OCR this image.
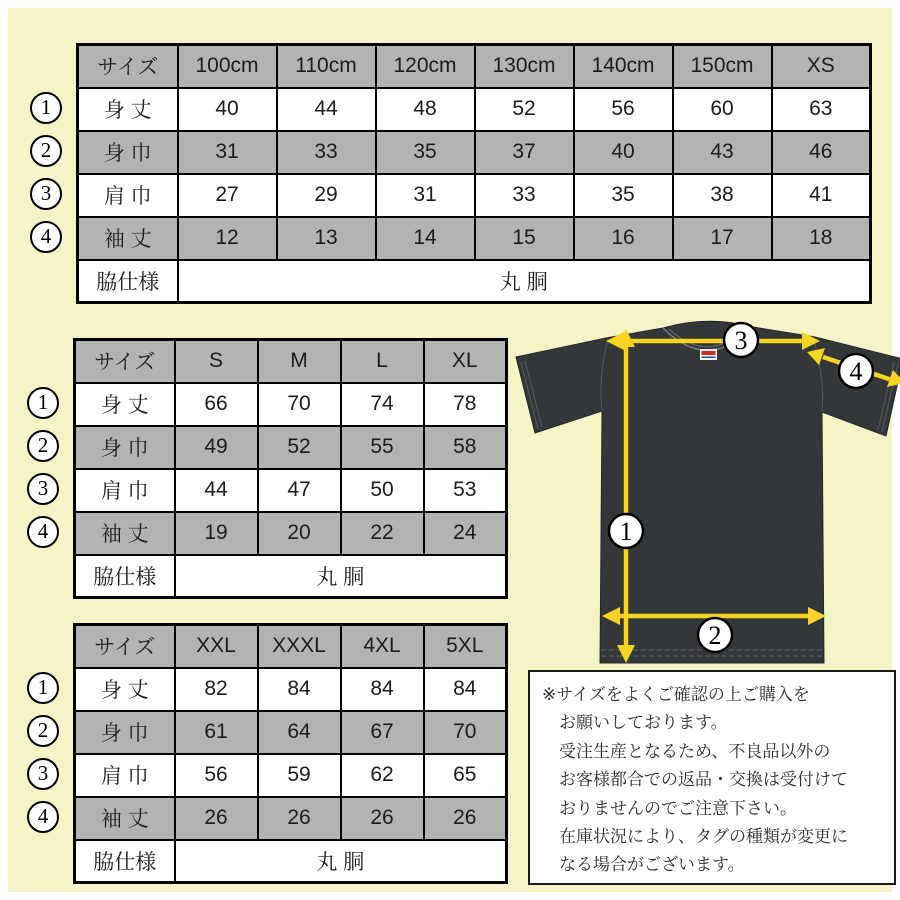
1
2
3
4
サイズ	100cm	110cm	120cm	130cm	140cm	150cm	XS
身 丈	40	44	48	52	56	60	63
身 巾	31	33	35	37	40	43	46
肩 巾	27	29	31	33	35	38	41
袖 丈	12	13	14	15	16	17	18
脇仕様	丸 胴						
1
2
3
4
サイズ	S	M	L	XL
身 丈	66	70	74	78
身 巾	49	52	55	58
肩 巾	44	47	50	53
袖 丈	19	20	22	24
脇仕様	丸 胴			
1
2
3
4
サイズ	XXL	XXXL	4XL	5XL
身 丈	82	84	84	84
身 巾	61	64	67	70
肩 巾	56	59	62	65
袖 丈	26	26	26	26
脇仕様	丸 胴			
3
4
1
2
※サイズをよくご確認の上ご購入を
お願いしております。
受注生産となるため、不良品以外の
お客様都合での返品・交換は受付けて
おりませんのでご注意下さい。
在庫状況により、タグの種類が変更に
なる場合がございます。
